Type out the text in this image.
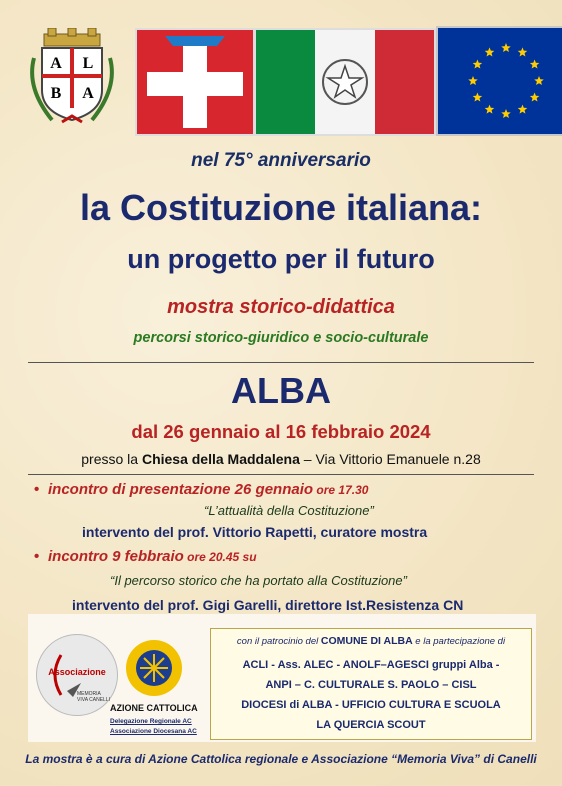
A L
B A
nel 75° anniversario
la Costituzione italiana:
un progetto per il futuro
mostra storico-didattica
percorsi storico-giuridico e socio-culturale
ALBA
dal 26 gennaio al 16 febbraio 2024
presso la Chiesa della Maddalena – Via Vittorio Emanuele n.28
• incontro di presentazione 26 gennaio ore 17.30
“L’attualità della Costituzione”
intervento del prof. Vittorio Rapetti, curatore mostra
• incontro 9 febbraio ore 20.45 su
“Il percorso storico che ha portato alla Costituzione”
intervento del prof. Gigi Garelli, direttore Ist.Resistenza CN
Associazione
MEMORIA VIVA CANELLI
AZIONE CATTOLICA
Delegazione Regionale AC
Associazione Diocesana AC
con il patrocinio del COMUNE DI ALBA e la partecipazione di
ACLI - Ass. ALEC - ANOLF–AGESCI gruppi Alba -
ANPI – C. CULTURALE S. PAOLO – CISL
DIOCESI di ALBA - UFFICIO CULTURA E SCUOLA
LA QUERCIA SCOUT
La mostra è a cura di Azione Cattolica regionale e Associazione “Memoria Viva” di Canelli
